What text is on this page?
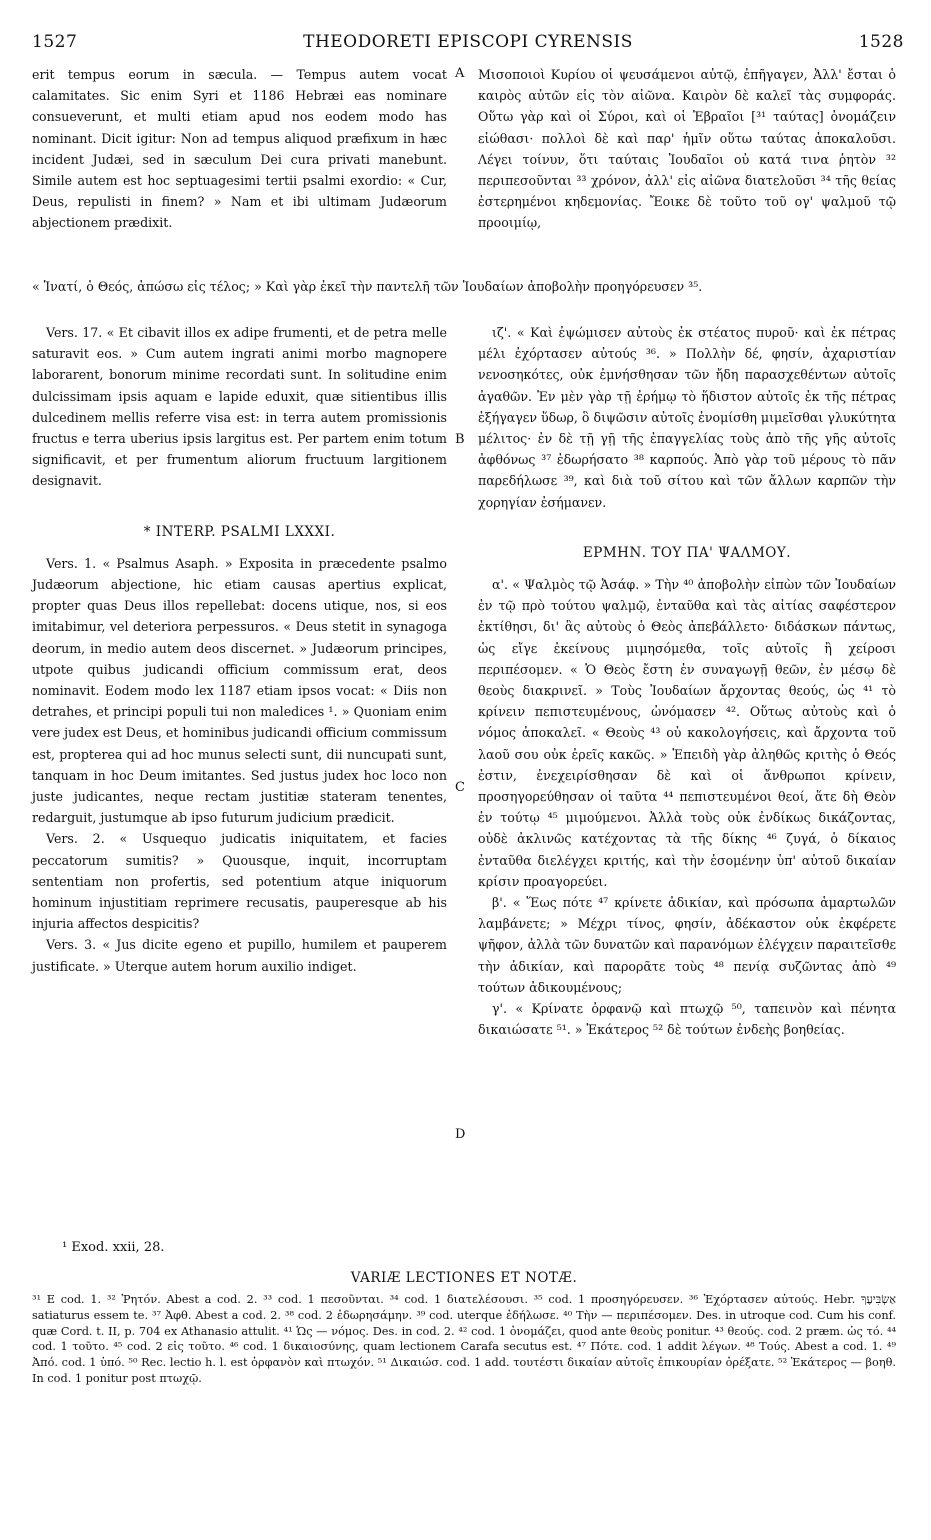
1527	THEODORETI EPISCOPI CYRENSIS	1528

erit tempus eorum in sæcula. — Tempus autem vocat calamitates. Sic enim Syri et 1186 Hebræi eas nominare consueverunt, et multi etiam apud nos eodem modo has nominant. Dicit igitur: Non ad tempus aliquod præfixum in hæc incident Judæi, sed in sæculum Dei cura privati manebunt. Simile autem est hoc septuagesimi tertii psalmi exordio: « Cur, Deus, repulisti in finem? » Nam et ibi ultimam Judæorum abjectionem prædixit.

Μισοποιοὶ Κυρίου οἱ ψευσάμενοι αὐτῷ, ἐπῆγαγεν, Ἀλλ' ἔσται ὁ καιρὸς αὐτῶν εἰς τὸν αἰῶνα. Καιρὸν δὲ καλεῖ τὰς συμφοράς. Οὕτω γὰρ καὶ οἱ Σύροι, καὶ οἱ Ἑβραῖοι [³¹ ταύτας] ὀνομάζειν εἰώθασι· πολλοὶ δὲ καὶ παρ' ἡμῖν οὕτω ταύτας ἀποκαλοῦσι. Λέγει τοίνυν, ὅτι ταύταις Ἰουδαῖοι οὐ κατά τινα ῥητὸν ³² περιπεσοῦνται ³³ χρόνον, ἀλλ' εἰς αἰῶνα διατελοῦσι ³⁴ τῆς θείας ἐστερημένοι κηδεμονίας. Ἔοικε δὲ τοῦτο τοῦ ογ' ψαλμοῦ τῷ προοιμίῳ,

A
« Ἱνατί, ὁ Θεός, ἀπώσω εἰς τέλος; » Καὶ γὰρ ἐκεῖ τὴν παντελῆ τῶν Ἰουδαίων ἀποβολὴν προηγόρευσεν ³⁵.

Vers. 17. « Et cibavit illos ex adipe frumenti, et de petra melle saturavit eos. » Cum autem ingrati animi morbo magnopere laborarent, bonorum minime recordati sunt. In solitudine enim dulcissimam ipsis aquam e lapide eduxit, quæ sitientibus illis dulcedinem mellis referre visa est: in terra autem promissionis fructus e terra uberius ipsis largitus est. Per partem enim totum significavit, et per frumentum aliorum fructuum largitionem designavit.

* INTERP. PSALMI LXXXI.

Vers. 1. « Psalmus Asaph. » Exposita in præcedente psalmo Judæorum abjectione, hic etiam causas apertius explicat, propter quas Deus illos repellebat: docens utique, nos, si eos imitabimur, vel deteriora perpessuros. « Deus stetit in synagoga deorum, in medio autem deos discernet. » Judæorum principes, utpote quibus judicandi officium commissum erat, deos nominavit. Eodem modo lex 1187 etiam ipsos vocat: « Diis non detrahes, et principi populi tui non maledices ¹. » Quoniam enim vere judex est Deus, et hominibus judicandi officium commissum est, propterea qui ad hoc munus selecti sunt, dii nuncupati sunt, tanquam in hoc Deum imitantes. Sed justus judex hoc loco non juste judicantes, neque rectam justitiæ stateram tenentes, redarguit, justumque ab ipso futurum judicium prædicit.

Vers. 2. « Usquequo judicatis iniquitatem, et facies peccatorum sumitis? » Quousque, inquit, incorruptam sententiam non profertis, sed potentium atque iniquorum hominum injustitiam reprimere recusatis, pauperesque ab his injuria affectos despicitis?

Vers. 3. « Jus dicite egeno et pupillo, humilem et pauperem justificate. » Uterque autem horum auxilio indiget.

ιζ'. « Καὶ ἐψώμισεν αὐτοὺς ἐκ στέατος πυροῦ· καὶ ἐκ πέτρας μέλι ἐχόρτασεν αὐτούς ³⁶. » Πολλὴν δέ, φησίν, ἀχαριστίαν νενοσηκότες, οὐκ ἐμνήσθησαν τῶν ἤδη παρασχεθέντων αὐτοῖς ἀγαθῶν. Ἐν μὲν γὰρ τῇ ἐρήμῳ τὸ ἥδιστον αὐτοῖς ἐκ τῆς πέτρας ἐξήγαγεν ὕδωρ, ὃ διψῶσιν αὐτοῖς ἐνομίσθη μιμεῖσθαι γλυκύτητα μέλιτος· ἐν δὲ τῇ γῇ τῆς ἐπαγγελίας τοὺς ἀπὸ τῆς γῆς αὐτοῖς ἀφθόνως ³⁷ ἐδωρήσατο ³⁸ καρπούς. Ἀπὸ γὰρ τοῦ μέρους τὸ πᾶν παρεδήλωσε ³⁹, καὶ διὰ τοῦ σίτου καὶ τῶν ἄλλων καρπῶν τὴν χορηγίαν ἐσήμανεν.

ΕΡΜΗΝ. ΤΟΥ ΠΑ' ΨΑΛΜΟΥ.

α'. « Ψαλμὸς τῷ Ἀσάφ. » Τὴν ⁴⁰ ἀποβολὴν εἰπὼν τῶν Ἰουδαίων ἐν τῷ πρὸ τούτου ψαλμῷ, ἐνταῦθα καὶ τὰς αἰτίας σαφέστερον ἐκτίθησι, δι' ἃς αὐτοὺς ὁ Θεὸς ἀπεβάλλετο· διδάσκων πάντως, ὡς εἴγε ἐκείνους μιμησόμεθα, τοῖς αὐτοῖς ἢ χείροσι περιπέσομεν. « Ὁ Θεὸς ἔστη ἐν συναγωγῇ θεῶν, ἐν μέσῳ δὲ θεοὺς διακρινεῖ. » Τοὺς Ἰουδαίων ἄρχοντας θεούς, ὡς ⁴¹ τὸ κρίνειν πεπιστευμένους, ὠνόμασεν ⁴². Οὕτως αὐτοὺς καὶ ὁ νόμος ἀποκαλεῖ. « Θεοὺς ⁴³ οὐ κακολογήσεις, καὶ ἄρχοντα τοῦ λαοῦ σου οὐκ ἐρεῖς κακῶς. » Ἐπειδὴ γὰρ ἀληθῶς κριτὴς ὁ Θεός ἐστιν, ἐνεχειρίσθησαν δὲ καὶ οἱ ἄνθρωποι κρίνειν, προσηγορεύθησαν οἱ ταῦτα ⁴⁴ πεπιστευμένοι θεοί, ἅτε δὴ Θεὸν ἐν τούτῳ ⁴⁵ μιμούμενοι. Ἀλλὰ τοὺς οὐκ ἐνδίκως δικάζοντας, οὐδὲ ἀκλινῶς κατέχοντας τὰ τῆς δίκης ⁴⁶ ζυγά, ὁ δίκαιος ἐνταῦθα διελέγχει κριτής, καὶ τὴν ἐσομένην ὑπ' αὐτοῦ δικαίαν κρίσιν προαγορεύει.

β'. « Ἕως πότε ⁴⁷ κρίνετε ἀδικίαν, καὶ πρόσωπα ἁμαρτωλῶν λαμβάνετε; » Μέχρι τίνος, φησίν, ἀδέκαστον οὐκ ἐκφέρετε ψῆφον, ἀλλὰ τῶν δυνατῶν καὶ παρανόμων ἐλέγχειν παραιτεῖσθε τὴν ἀδικίαν, καὶ παρορᾶτε τοὺς ⁴⁸ πενίᾳ συζῶντας ἀπὸ ⁴⁹ τούτων ἀδικουμένους;

γ'. « Κρίνατε ὀρφανῷ καὶ πτωχῷ ⁵⁰, ταπεινὸν καὶ πένητα δικαιώσατε ⁵¹. » Ἑκάτερος ⁵² δὲ τούτων ἐνδεὴς βοηθείας.

B
C
D
¹ Exod. xxii, 28.
VARIÆ LECTIONES ET NOTÆ.

³¹ E cod. 1. ³² Ῥητόν. Abest a cod. 2. ³³ cod. 1 πεσοῦνται. ³⁴ cod. 1 διατελέσουσι. ³⁵ cod. 1 προσηγόρευσεν. ³⁶ Ἐχόρτασεν αὐτούς. Hebr. אַשְׂבִּיעֶךָ satiaturus essem te. ³⁷ Ἀφθ. Abest a cod. 2. ³⁸ cod. 2 ἐδωρησάμην. ³⁹ cod. uterque ἐδήλωσε. ⁴⁰ Τὴν — περιπέσομεν. Des. in utroque cod. Cum his conf. quæ Cord. t. II, p. 704 ex Athanasio attulit. ⁴¹ Ὡς — νόμος. Des. in cod. 2. ⁴² cod. 1 ὀνομάζει, quod ante θεοὺς ponitur. ⁴³ θεούς. cod. 2 præm. ὡς τό. ⁴⁴ cod. 1 τοῦτο. ⁴⁵ cod. 2 εἰς τοῦτο. ⁴⁶ cod. 1 δικαιοσύνης, quam lectionem Carafa secutus est. ⁴⁷ Πότε. cod. 1 addit λέγων. ⁴⁸ Τούς. Abest a cod. 1. ⁴⁹ Ἀπό. cod. 1 ὑπό. ⁵⁰ Rec. lectio h. l. est ὀρφανὸν καὶ πτωχόν. ⁵¹ Δικαιώσ. cod. 1 add. τουτέστι δικαίαν αὐτοῖς ἐπικουρίαν ὀρέξατε. ⁵² Ἑκάτερος — βοηθ. In cod. 1 ponitur post πτωχῷ.
